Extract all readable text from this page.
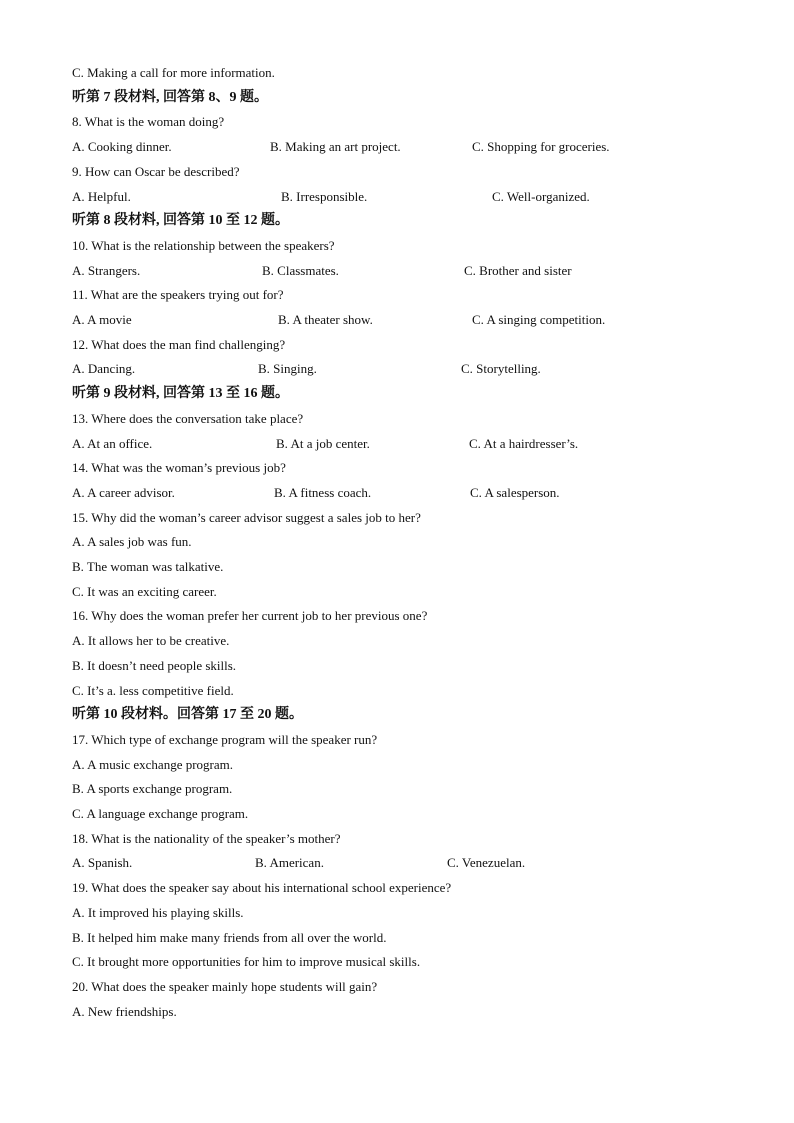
C. Making a call for more information.
听第 7 段材料, 回答第 8、9 题。
8. What is the woman doing?
A. Cooking dinner.	B. Making an art project.	C. Shopping for groceries.
9. How can Oscar be described?
A. Helpful.	B. Irresponsible.	C. Well-organized.
听第 8 段材料, 回答第 10 至 12 题。
10. What is the relationship between the speakers?
A. Strangers.	B. Classmates.	C. Brother and sister
11. What are the speakers trying out for?
A. A movie	B. A theater show.	C. A singing competition.
12. What does the man find challenging?
A. Dancing.	B. Singing.	C. Storytelling.
听第 9 段材料, 回答第 13 至 16 题。
13. Where does the conversation take place?
A. At an office.	B. At a job center.	C. At a hairdresser’s.
14. What was the woman’s previous job?
A. A career advisor.	B. A fitness coach.	C. A salesperson.
15. Why did the woman’s career advisor suggest a sales job to her?
A. A sales job was fun.
B. The woman was talkative.
C. It was an exciting career.
16. Why does the woman prefer her current job to her previous one?
A. It allows her to be creative.
B. It doesn’t need people skills.
C. It’s a. less competitive field.
听第 10 段材料。回答第 17 至 20 题。
17. Which type of exchange program will the speaker run?
A. A music exchange program.
B. A sports exchange program.
C. A language exchange program.
18. What is the nationality of the speaker’s mother?
A. Spanish.	B. American.	C. Venezuelan.
19. What does the speaker say about his international school experience?
A. It improved his playing skills.
B. It helped him make many friends from all over the world.
C. It brought more opportunities for him to improve musical skills.
20. What does the speaker mainly hope students will gain?
A. New friendships.
